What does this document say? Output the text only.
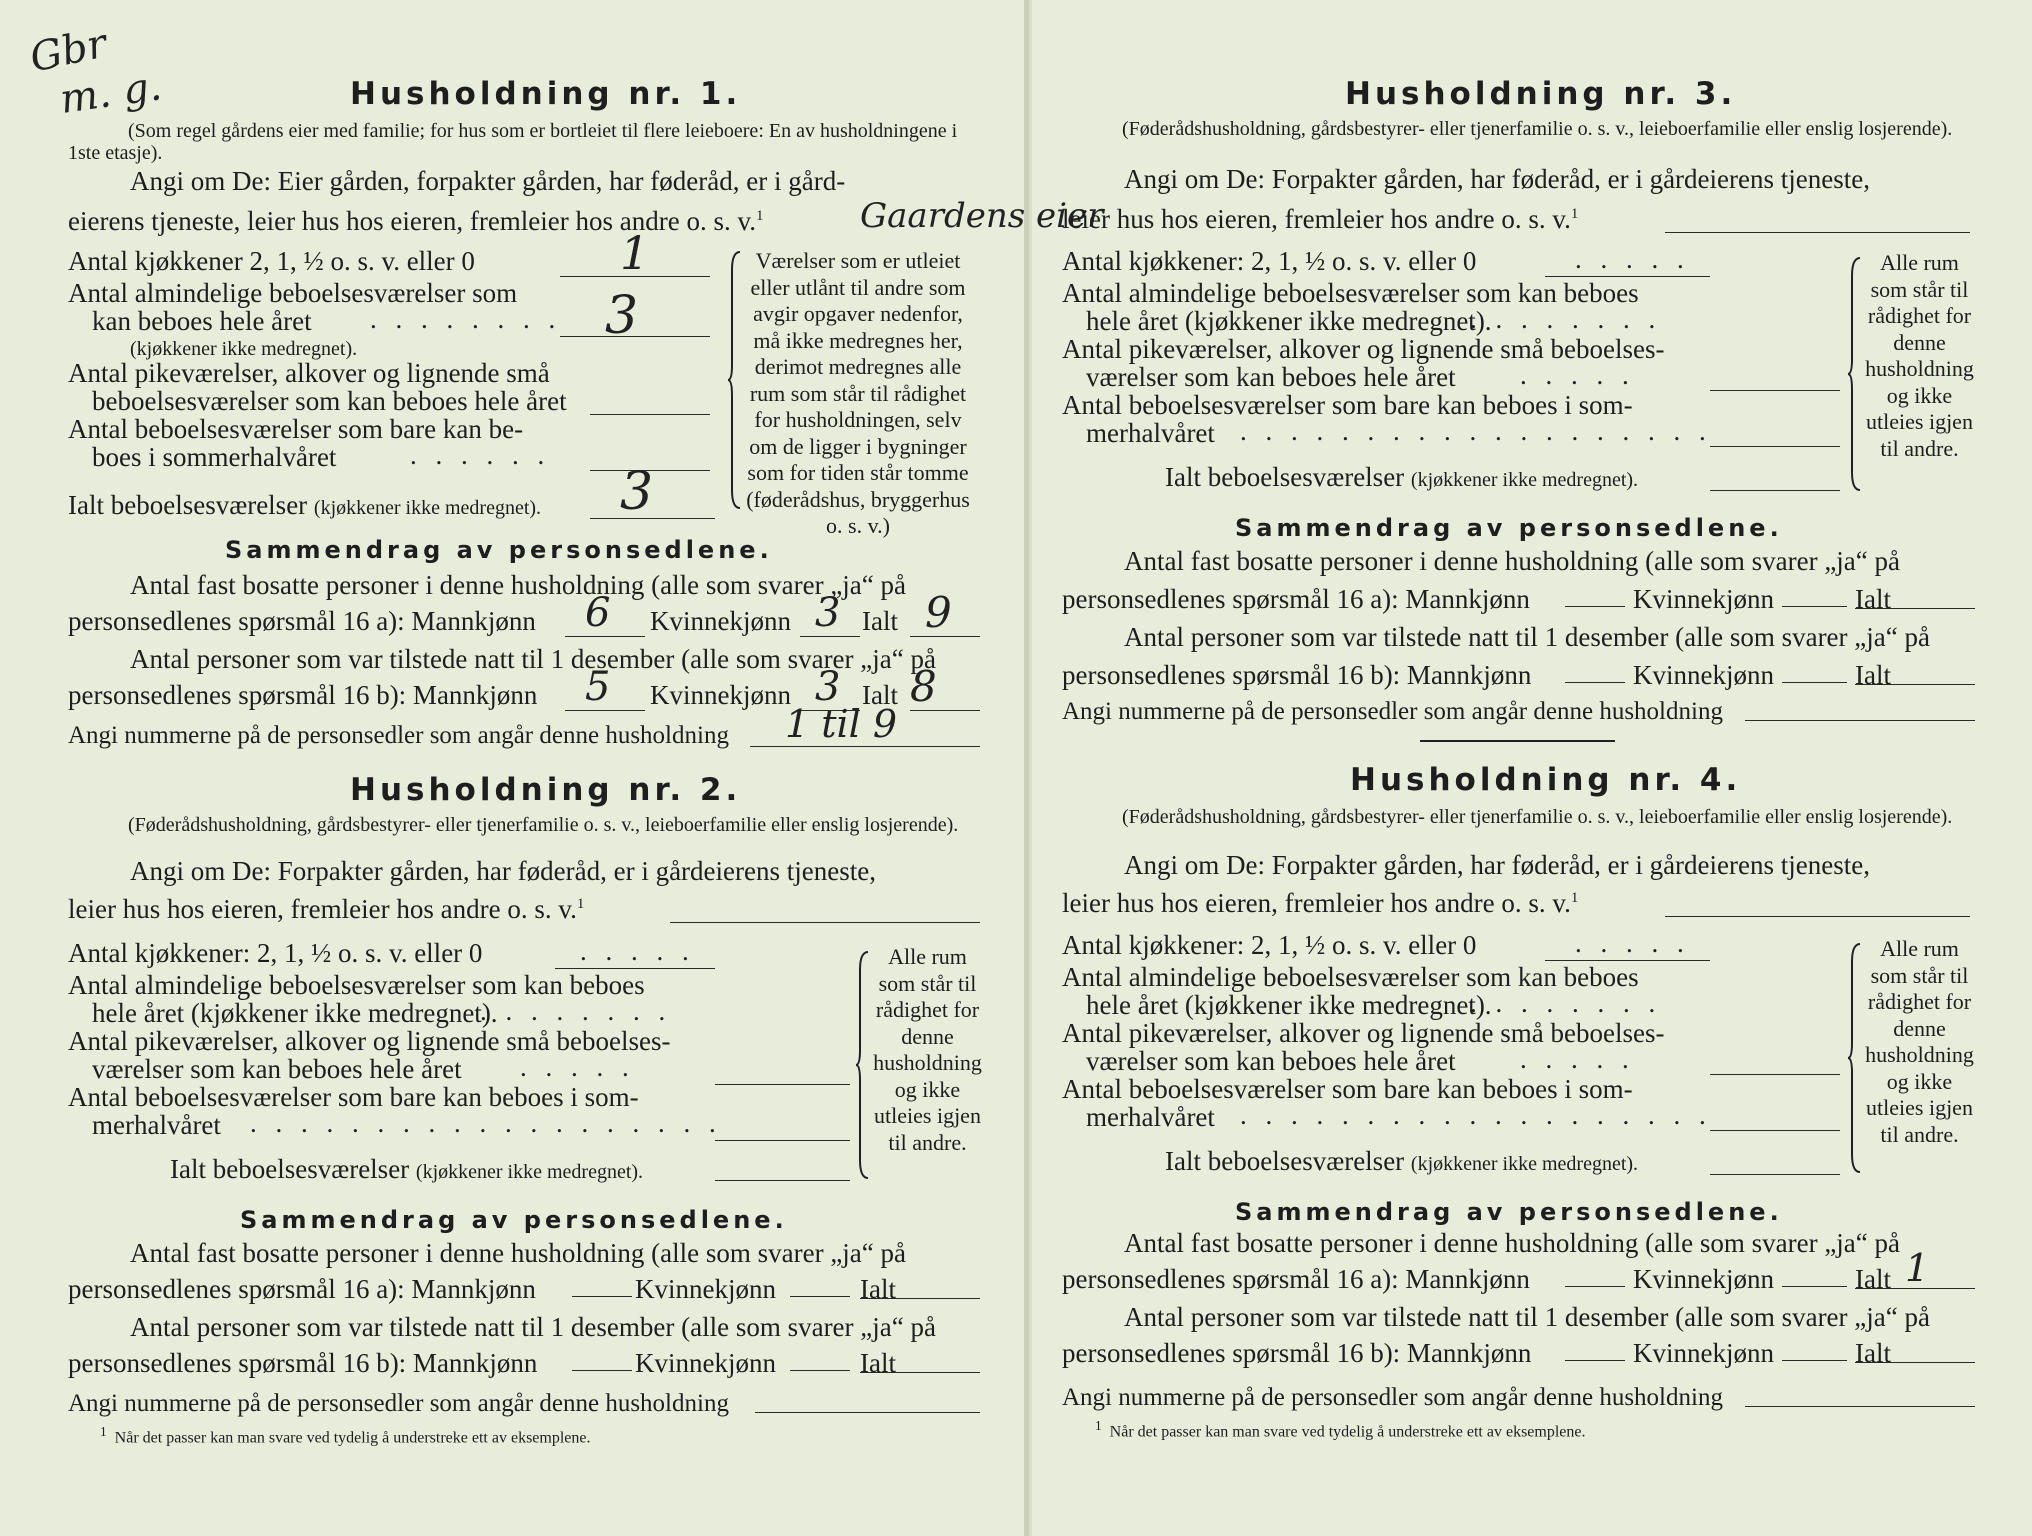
Gbr
m. g.	Husholdning nr. 1.
(Som regel gårdens eier med familie; for hus som er bortleiet til flere leieboere: En av husholdningene i 1ste etasje).
Angi om De: Eier gården, forpakter gården, har føderåd, er i gård-
eierens tjeneste, leier hus hos eieren, fremleier hos andre o. s. v.$^1$	Gaardens eier
Antal kjøkkener 2, 1, ½ o. s. v. eller 0	1
Antal almindelige beboelsesværelser som
kan beboes hele året . . . . . . . . 3
(kjøkkener ikke medregnet).
Antal pikeværelser, alkover og lignende små
beboelsesværelser som kan beboes hele året
Antal beboelsesværelser som bare kan be-
boes i sommerhalvåret	. . . . . .
Ialt beboelsesværelser (kjøkkener ikke medregnet). 3
Værelser som er utleiet eller utlånt til andre som avgir opgaver nedenfor, må ikke medregnes her, derimot medregnes alle rum som står til rådighet for husholdningen, selv om de ligger i bygninger som for tiden står tomme (føderådshus, bryggerhus o. s. v.)
Sammendrag av personsedlene.
Antal fast bosatte personer i denne husholdning (alle som svarer „ja“ på
personsedlenes spørsmål 16 a): Mannkjønn 6 Kvinnekjønn 3 Ialt 9
Antal personer som var tilstede natt til 1 desember (alle som svarer „ja“ på
personsedlenes spørsmål 16 b): Mannkjønn 5 Kvinnekjønn 3 Ialt 8
Angi nummerne på de personsedler som angår denne husholdning 1 til 9
Husholdning nr. 2.
(Føderådshusholdning, gårdsbestyrer- eller tjenerfamilie o. s. v., leieboerfamilie eller enslig losjerende).
Angi om De: Forpakter gården, har føderåd, er i gårdeierens tjeneste,
leier hus hos eieren, fremleier hos andre o. s. v.$^1$
Antal kjøkkener: 2, 1, ½ o. s. v. eller 0	. . . . .
Antal almindelige beboelsesværelser som kan beboes
hele året (kjøkkener ikke medregnet).
. . . . . . . .
Antal pikeværelser, alkover og lignende små beboelses-
værelser som kan beboes hele året . . . . .
Antal beboelsesværelser som bare kan beboes i som-
merhalvåret . . . . . . . . . . . . . . . . . . .
Ialt beboelsesværelser (kjøkkener ikke medregnet).
Alle rum som står til rådighet for denne husholdning og ikke utleies igjen til andre.
Sammendrag av personsedlene.
Antal fast bosatte personer i denne husholdning (alle som svarer „ja“ på
personsedlenes spørsmål 16 a): Mannkjønn	Kvinnekjønn	Ialt
Antal personer som var tilstede natt til 1 desember (alle som svarer „ja“ på
personsedlenes spørsmål 16 b): Mannkjønn	Kvinnekjønn	Ialt
Angi nummerne på de personsedler som angår denne husholdning
$^1$ Når det passer kan man svare ved tydelig å understreke ett av eksemplene.
Husholdning nr. 3.
(Føderådshusholdning, gårdsbestyrer- eller tjenerfamilie o. s. v., leieboerfamilie eller enslig losjerende).
Angi om De: Forpakter gården, har føderåd, er i gårdeierens tjeneste,
leier hus hos eieren, fremleier hos andre o. s. v.$^1$
Antal kjøkkener: 2, 1, ½ o. s. v. eller 0	. . . . .
Antal almindelige beboelsesværelser som kan beboes
hele året (kjøkkener ikke medregnet).
. . . . . . . .
Antal pikeværelser, alkover og lignende små beboelses-
værelser som kan beboes hele året . . . . .
Antal beboelsesværelser som bare kan beboes i som-
merhalvåret . . . . . . . . . . . . . . . . . . .
Ialt beboelsesværelser (kjøkkener ikke medregnet).
Alle rum som står til rådighet for denne husholdning og ikke utleies igjen til andre.
Sammendrag av personsedlene.
Antal fast bosatte personer i denne husholdning (alle som svarer „ja“ på
personsedlenes spørsmål 16 a): Mannkjønn	Kvinnekjønn	Ialt
Antal personer som var tilstede natt til 1 desember (alle som svarer „ja“ på
personsedlenes spørsmål 16 b): Mannkjønn	Kvinnekjønn	Ialt
Angi nummerne på de personsedler som angår denne husholdning
Husholdning nr. 4.
(Føderådshusholdning, gårdsbestyrer- eller tjenerfamilie o. s. v., leieboerfamilie eller enslig losjerende).
Angi om De: Forpakter gården, har føderåd, er i gårdeierens tjeneste,
leier hus hos eieren, fremleier hos andre o. s. v.$^1$
Antal kjøkkener: 2, 1, ½ o. s. v. eller 0	. . . . .
Antal almindelige beboelsesværelser som kan beboes
hele året (kjøkkener ikke medregnet).
. . . . . . . .
Antal pikeværelser, alkover og lignende små beboelses-
værelser som kan beboes hele året . . . . .
Antal beboelsesværelser som bare kan beboes i som-
merhalvåret . . . . . . . . . . . . . . . . . . .
Ialt beboelsesværelser (kjøkkener ikke medregnet).
Alle rum som står til rådighet for denne husholdning og ikke utleies igjen til andre.
Sammendrag av personsedlene.
Antal fast bosatte personer i denne husholdning (alle som svarer „ja“ på
personsedlenes spørsmål 16 a): Mannkjønn	Kvinnekjønn	Ialt 1
Antal personer som var tilstede natt til 1 desember (alle som svarer „ja“ på
personsedlenes spørsmål 16 b): Mannkjønn	Kvinnekjønn	Ialt
Angi nummerne på de personsedler som angår denne husholdning
$^1$ Når det passer kan man svare ved tydelig å understreke ett av eksemplene.
